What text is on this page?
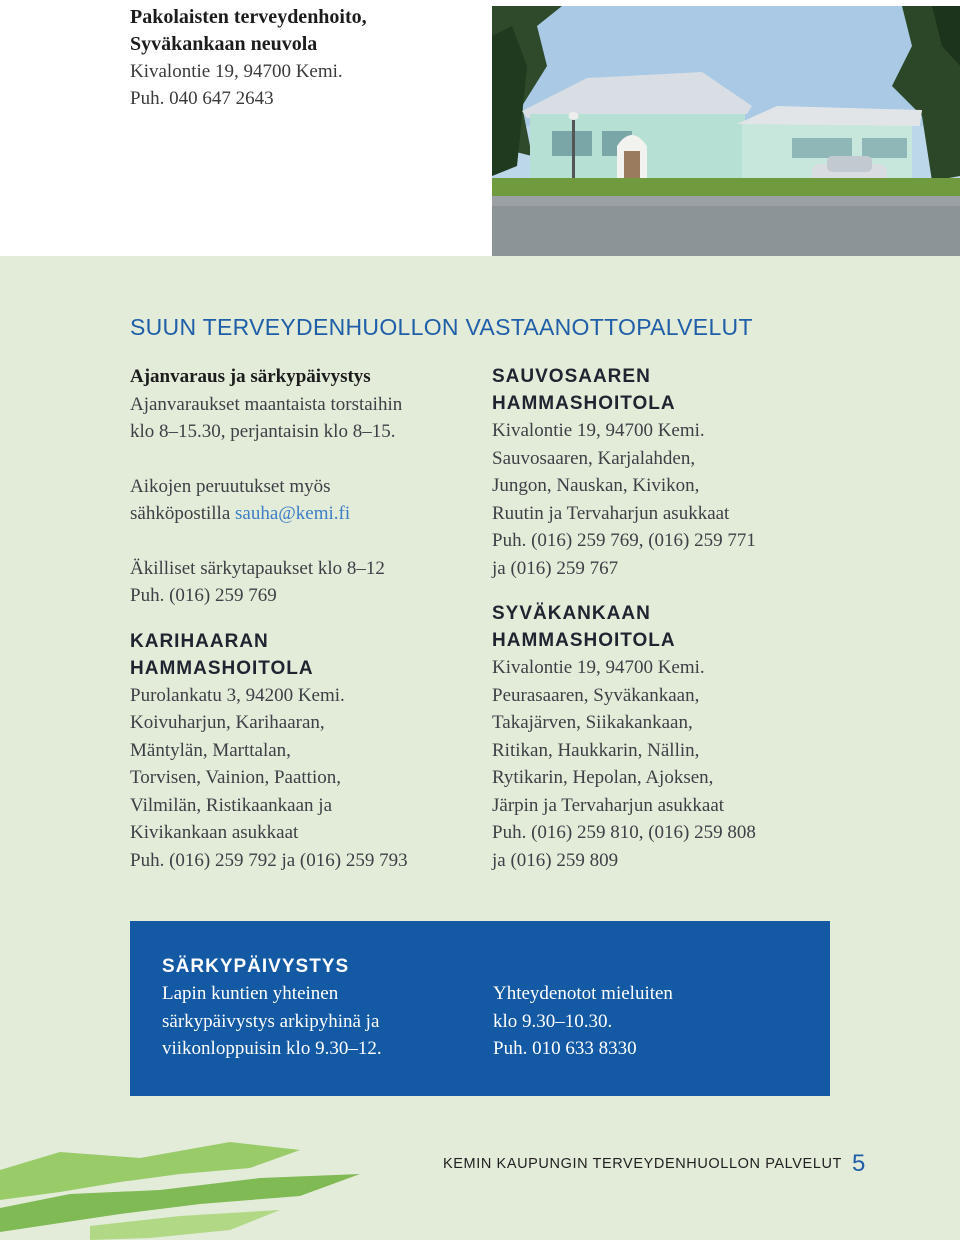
Pakolaisten terveydenhoito,
Syväkankaan neuvola
Kivalontie 19, 94700 Kemi.
Puh. 040 647 2643
SUUN TERVEYDENHUOLLON VASTAANOTTOPALVELUT
Ajanvaraus ja särkypäivystys
Ajanvaraukset maantaista torstaihin
klo 8–15.30, perjantaisin klo 8–15.
Aikojen peruutukset myös
sähköpostilla sauha@kemi.fi
Äkilliset särkytapaukset klo 8–12
Puh. (016) 259 769
KARIHAARAN
HAMMASHOITOLA
Purolankatu 3, 94200 Kemi.
Koivuharjun, Karihaaran,
Mäntylän, Marttalan,
Torvisen, Vainion, Paattion,
Vilmilän, Ristikaankaan ja
Kivikankaan asukkaat
Puh. (016) 259 792 ja (016) 259 793
SAUVOSAAREN
HAMMASHOITOLA
Kivalontie 19, 94700 Kemi.
Sauvosaaren, Karjalahden,
Jungon, Nauskan, Kivikon,
Ruutin ja Tervaharjun asukkaat
Puh. (016) 259 769, (016) 259 771
ja (016) 259 767
SYVÄKANKAAN
HAMMASHOITOLA
Kivalontie 19, 94700 Kemi.
Peurasaaren, Syväkankaan,
Takajärven, Siikakankaan,
Ritikan, Haukkarin, Nällin,
Rytikarin, Hepolan, Ajoksen,
Järpin ja Tervaharjun asukkaat
Puh. (016) 259 810, (016) 259 808
ja (016) 259 809
SÄRKYPÄIVYSTYS
Lapin kuntien yhteinen
särkypäivystys arkipyhinä ja
viikonloppuisin klo 9.30–12.
Yhteydenotot mieluiten
klo 9.30–10.30.
Puh. 010 633 8330
KEMIN KAUPUNGIN TERVEYDENHUOLLON PALVELUT 5
